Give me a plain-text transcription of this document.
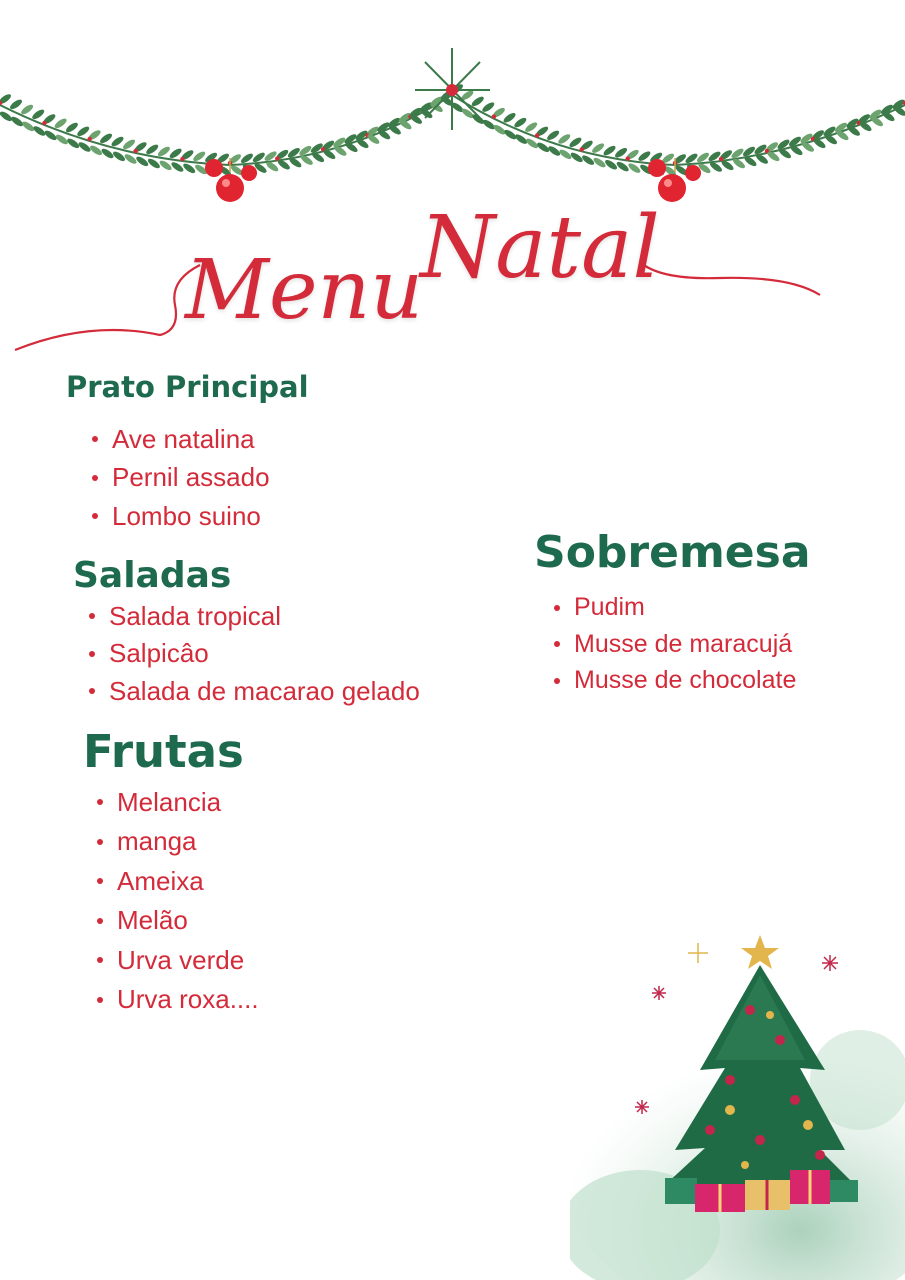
Menu
Natal
Prato Principal
Ave natalina
Pernil assado
Lombo suino
Saladas
Salada tropical
Salpicâo
Salada de macarao gelado
Frutas
Melancia
manga
Ameixa
Melão
Urva verde
Urva roxa....
Sobremesa
Pudim
Musse de maracujá
Musse de chocolate
